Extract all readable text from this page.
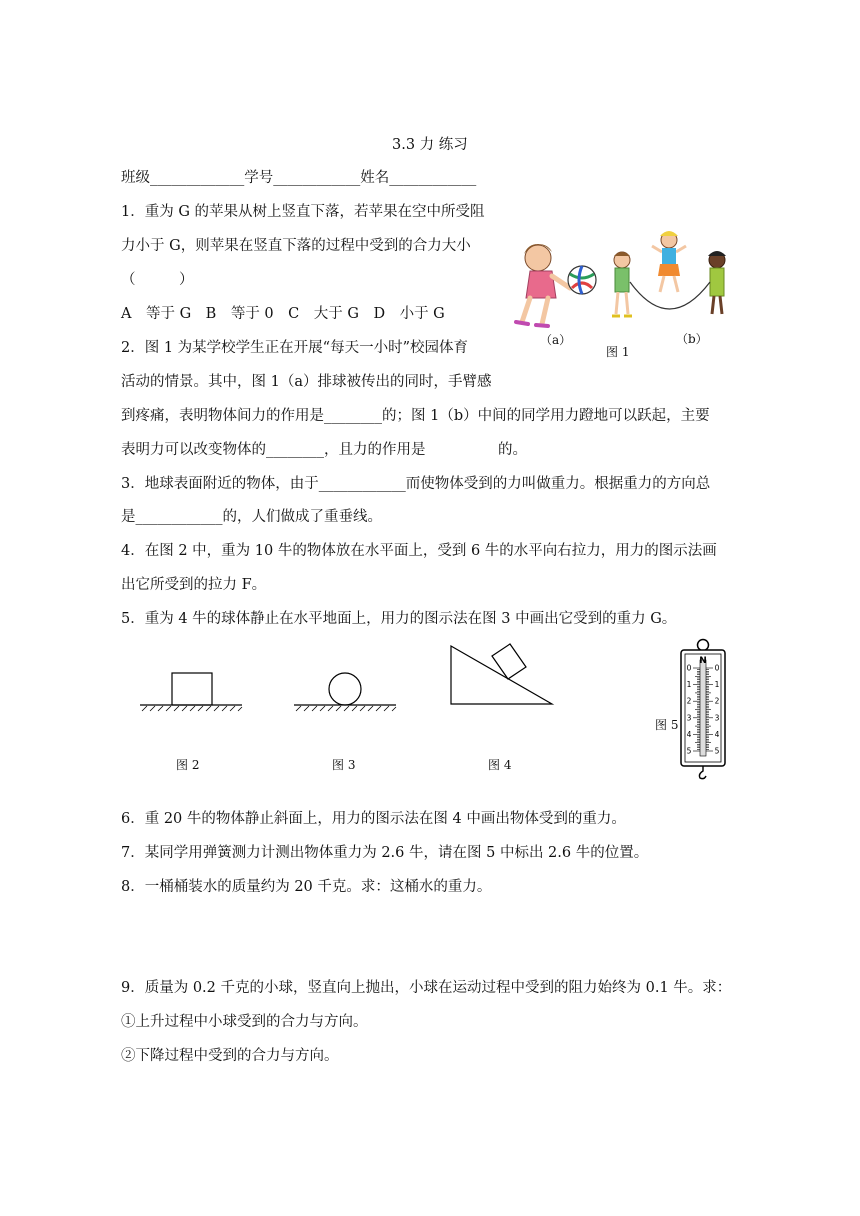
3.3 力 练习
班级_____________学号____________姓名____________
1．重为 G 的苹果从树上竖直下落，若苹果在空中所受阻
力小于 G，则苹果在竖直下落的过程中受到的合力大小
（　　　）
A　等于 G　B　等于 0　C　大于 G　D　小于 G
2．图 1 为某学校学生正在开展“每天一小时”校园体育
活动的情景。其中，图 1（a）排球被传出的同时，手臂感
到疼痛，表明物体间力的作用是________的；图 1（b）中间的同学用力蹬地可以跃起，主要
表明力可以改变物体的________，且力的作用是　　　　　的。
3．地球表面附近的物体，由于____________而使物体受到的力叫做重力。根据重力的方向总
是____________的，人们做成了重垂线。
4．在图 2 中，重为 10 牛的物体放在水平面上，受到 6 牛的水平向右拉力，用力的图示法画
出它所受到的拉力 F。
5．重为 4 牛的球体静止在水平地面上，用力的图示法在图 3 中画出它受到的重力 G。
（a）	（b）
图 1
图 2	图 3	图 4
图 5
N
0
1
2
3
4
5
0
1
2
3
4
5
6．重 20 牛的物体静止斜面上，用力的图示法在图 4 中画出物体受到的重力。
7．某同学用弹簧测力计测出物体重力为 2.6 牛，请在图 5 中标出 2.6 牛的位置。
8．一桶桶装水的质量约为 20 千克。求：这桶水的重力。
9．质量为 0.2 千克的小球，竖直向上抛出，小球在运动过程中受到的阻力始终为 0.1 牛。求：
①上升过程中小球受到的合力与方向。
②下降过程中受到的合力与方向。
